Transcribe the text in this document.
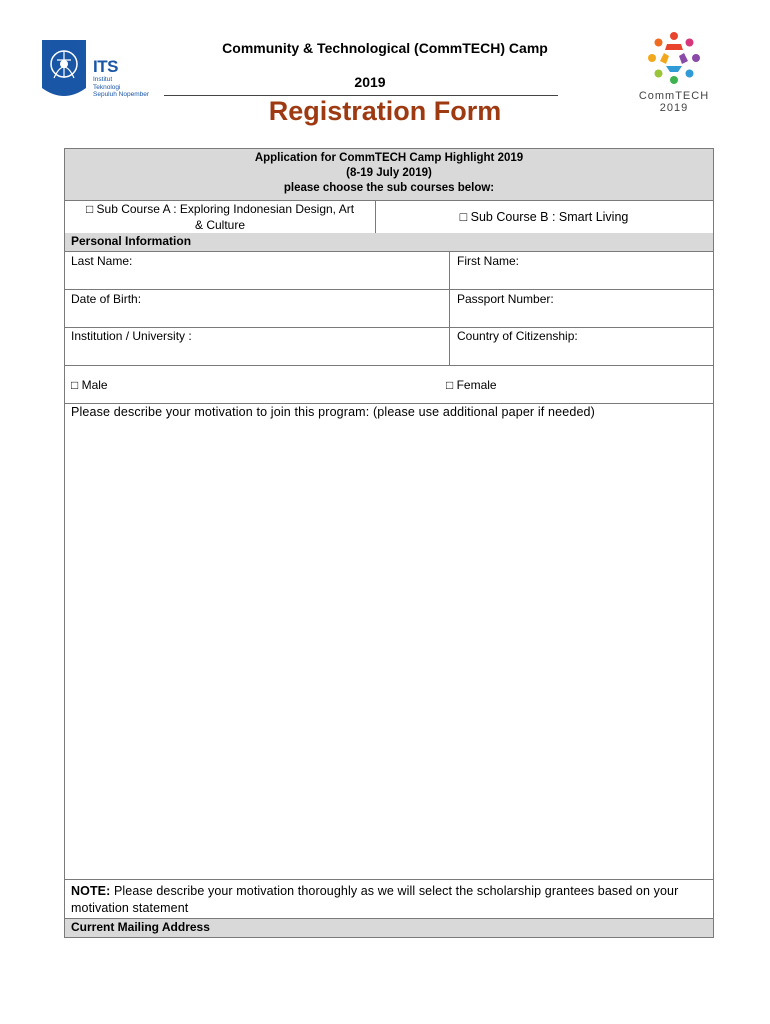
ITS
Institut
Teknologi
Sepuluh Nopember
Community & Technological (CommTECH) Camp
2019
Registration Form	CommTECH
2019
Application for CommTECH Camp Highlight 2019
(8-19 July 2019)
please choose the sub courses below:
□ Sub Course A : Exploring Indonesian Design, Art
& Culture
□ Sub Course B : Smart Living
Personal Information
Last Name:	First Name:
Date of Birth:	Passport Number:
Institution / University :	Country of Citizenship:
□ Male	□ Female
Please describe your motivation to join this program: (please use additional paper if needed)
NOTE: Please describe your motivation thoroughly as we will select the scholarship grantees based on your motivation statement
Current Mailing Address
